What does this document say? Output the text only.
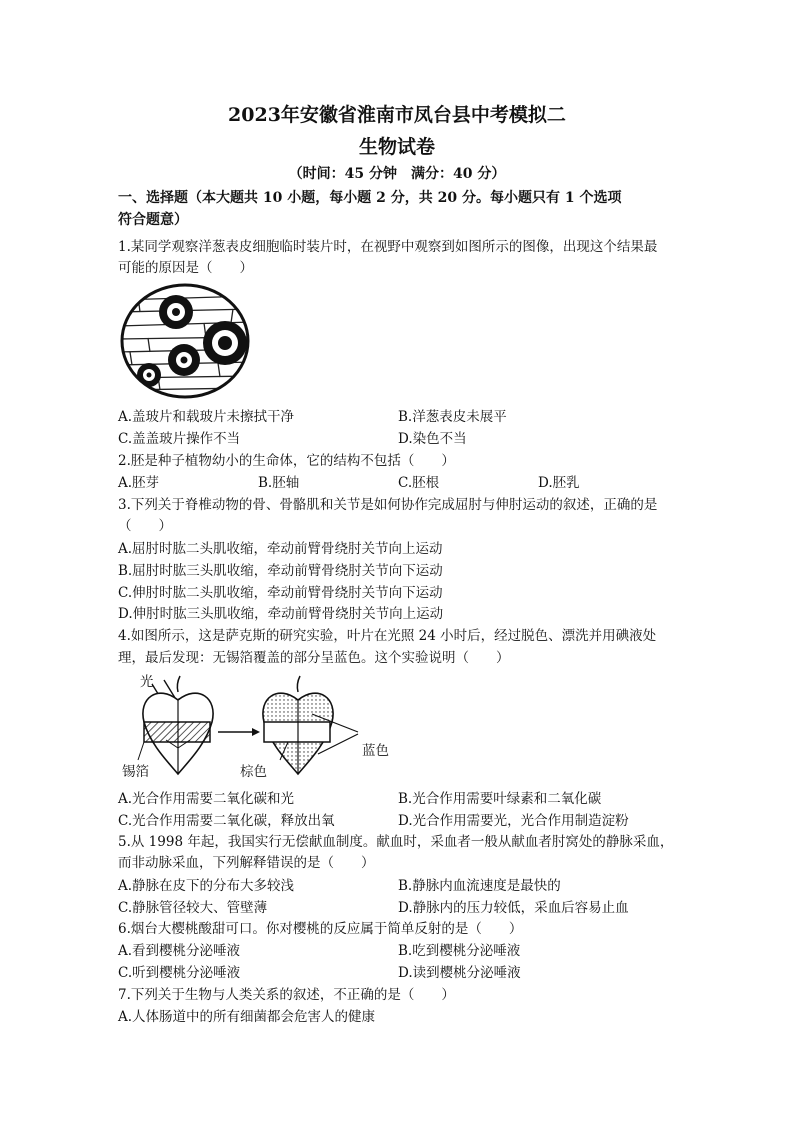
2023年安徽省淮南市凤台县中考模拟二
生物试卷
（时间：45 分钟　满分：40 分）
一、选择题（本大题共 10 小题，每小题 2 分，共 20 分。每小题只有 1 个选项
符合题意）
1.某同学观察洋葱表皮细胞临时装片时，在视野中观察到如图所示的图像，出现这个结果最
可能的原因是（　　）
A.盖玻片和载玻片未擦拭干净	B.洋葱表皮未展平
C.盖盖玻片操作不当	D.染色不当
2.胚是种子植物幼小的生命体，它的结构不包括（　　）
A.胚芽	B.胚轴	C.胚根	D.胚乳
3.下列关于脊椎动物的骨、骨骼肌和关节是如何协作完成屈肘与伸肘运动的叙述，正确的是
（　　）
A.屈肘时肱二头肌收缩，牵动前臂骨绕肘关节向上运动
B.屈肘时肱三头肌收缩，牵动前臂骨绕肘关节向下运动
C.伸肘时肱二头肌收缩，牵动前臂骨绕肘关节向下运动
D.伸肘时肱三头肌收缩，牵动前臂骨绕肘关节向上运动
4.如图所示，这是萨克斯的研究实验，叶片在光照 24 小时后，经过脱色、漂洗并用碘液处
理，最后发现：无锡箔覆盖的部分呈蓝色。这个实验说明（　　）
光
锡箔	棕色
蓝色
A.光合作用需要二氧化碳和光	B.光合作用需要叶绿素和二氧化碳
C.光合作用需要二氧化碳，释放出氧	D.光合作用需要光，光合作用制造淀粉
5.从 1998 年起，我国实行无偿献血制度。献血时，采血者一般从献血者肘窝处的静脉采血，
而非动脉采血，下列解释错误的是（　　）
A.静脉在皮下的分布大多较浅	B.静脉内血流速度是最快的
C.静脉管径较大、管壁薄	D.静脉内的压力较低，采血后容易止血
6.烟台大樱桃酸甜可口。你对樱桃的反应属于简单反射的是（　　）
A.看到樱桃分泌唾液	B.吃到樱桃分泌唾液
C.听到樱桃分泌唾液	D.读到樱桃分泌唾液
7.下列关于生物与人类关系的叙述，不正确的是（　　）
A.人体肠道中的所有细菌都会危害人的健康
